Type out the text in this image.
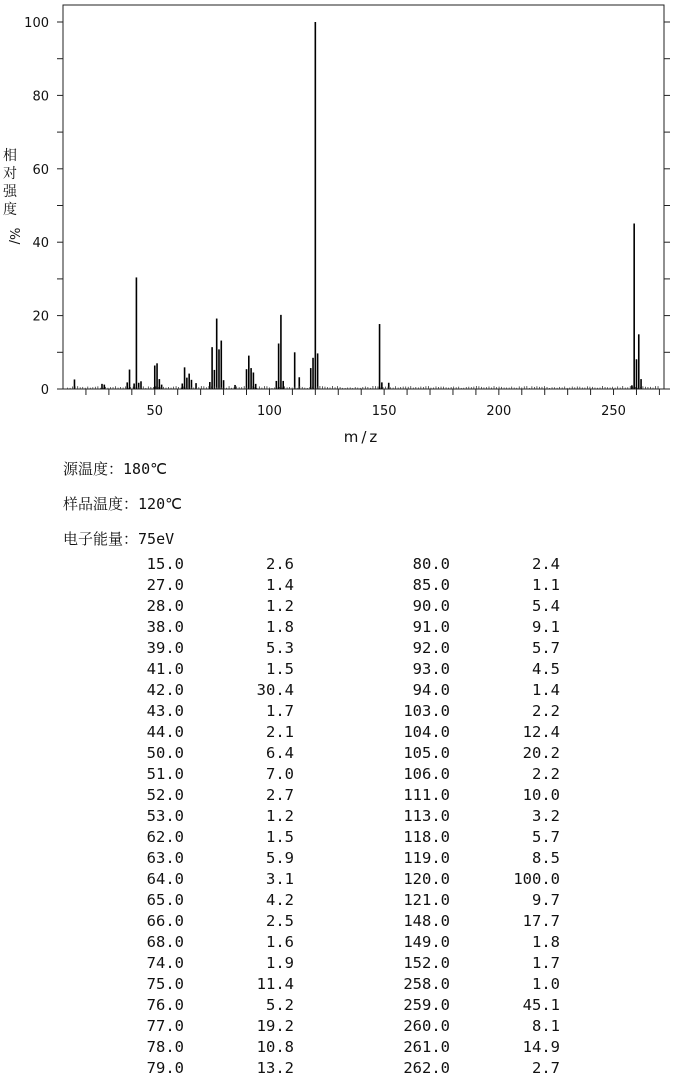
0
20
40
60
80
100
50	100	150	200	250
m/z
相对强度
%/
源温度：180℃
样品温度：120℃
电子能量：75eV
15.0	2.6	80.0	2.4
27.0	1.4	85.0	1.1
28.0	1.2	90.0	5.4
38.0	1.8	91.0	9.1
39.0	5.3	92.0	5.7
41.0	1.5	93.0	4.5
42.0	30.4	94.0	1.4
43.0	1.7	103.0	2.2
44.0	2.1	104.0	12.4
50.0	6.4	105.0	20.2
51.0	7.0	106.0	2.2
52.0	2.7	111.0	10.0
53.0	1.2	113.0	3.2
62.0	1.5	118.0	5.7
63.0	5.9	119.0	8.5
64.0	3.1	120.0	100.0
65.0	4.2	121.0	9.7
66.0	2.5	148.0	17.7
68.0	1.6	149.0	1.8
74.0	1.9	152.0	1.7
75.0	11.4	258.0	1.0
76.0	5.2	259.0	45.1
77.0	19.2	260.0	8.1
78.0	10.8	261.0	14.9
79.0	13.2	262.0	2.7
